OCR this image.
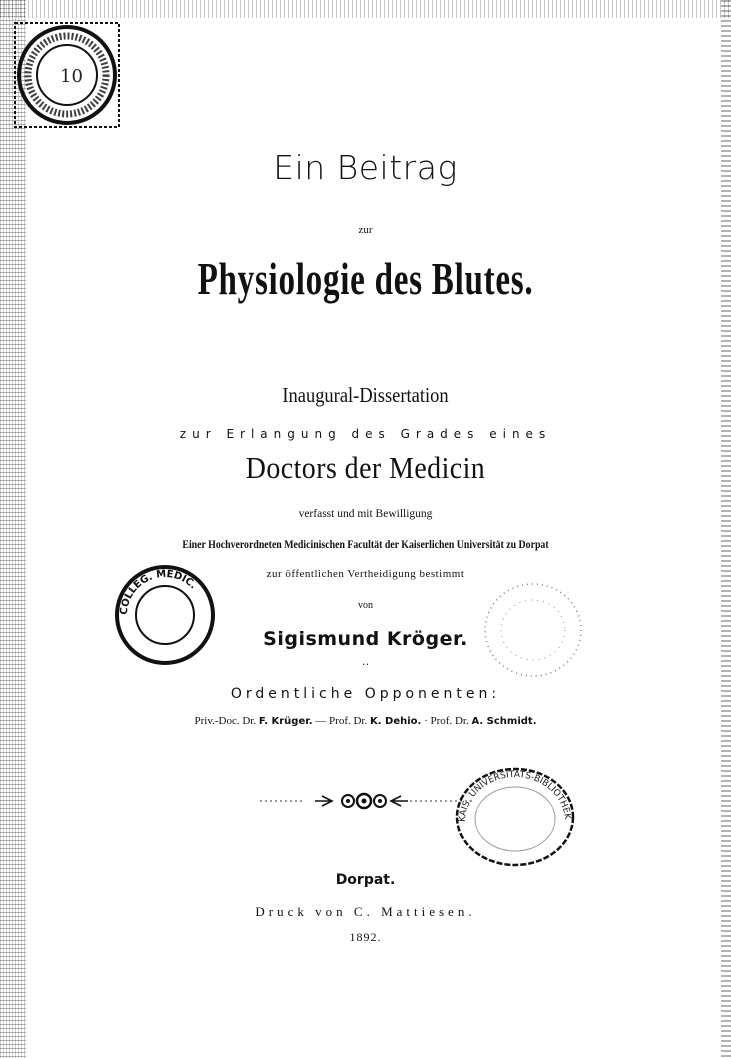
10
Ein Beitrag
zur
Physiologie des Blutes.
Inaugural-Dissertation
zur Erlangung des Grades eines
Doctors der Medicin
verfasst und mit Bewilligung
Einer Hochverordneten Medicinischen Facultät der Kaiserlichen Universität zu Dorpat
zur öffentlichen Vertheidigung bestimmt
von
Sigismund Kröger.
‥
Ordentliche Opponenten:
Priv.-Doc. Dr. F. Krüger. — Prof. Dr. K. Dehio. · Prof. Dr. A. Schmidt.
COLLEG. MEDIC.
KAIS. UNIVERSITÄTS-BIBLIOTHEK
Dorpat.
Druck von C. Mattiesen.
1892.
